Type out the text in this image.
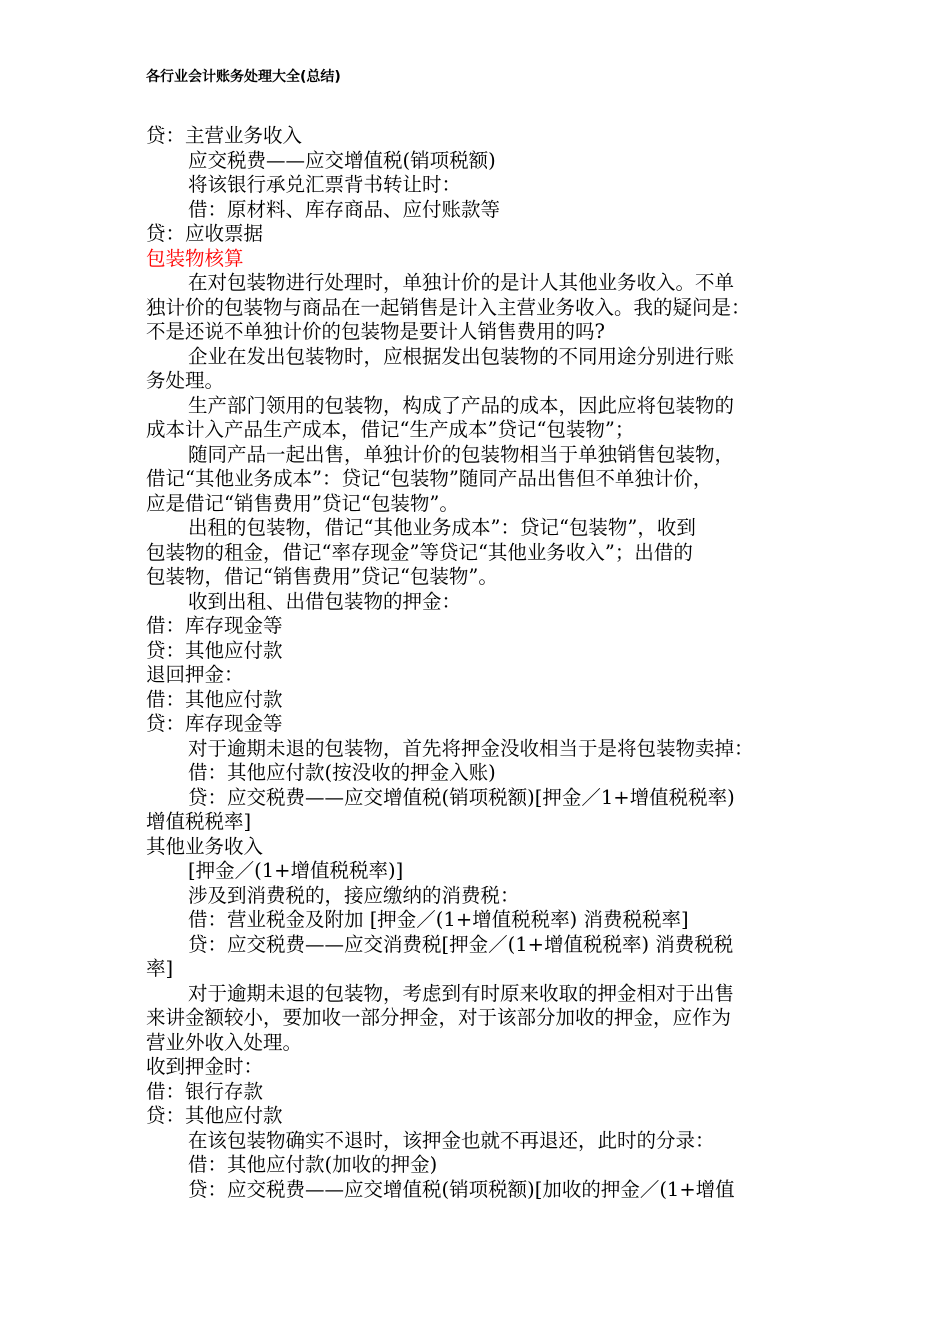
各行业会计账务处理大全(总结)
贷：主营业务收入
应交税费——应交增值税(销项税额)
将该银行承兑汇票背书转让时：
借：原材料、库存商品、应付账款等
贷：应收票据
包装物核算
在对包装物进行处理时，单独计价的是计人其他业务收入。不单
独计价的包装物与商品在一起销售是计入主营业务收入。我的疑问是：
不是还说不单独计价的包装物是要计人销售费用的吗?
企业在发出包装物时，应根据发出包装物的不同用途分别进行账
务处理。
生产部门领用的包装物，构成了产品的成本，因此应将包装物的
成本计入产品生产成本，借记“生产成本”贷记“包装物”；
随同产品一起出售，单独计价的包装物相当于单独销售包装物，
借记“其他业务成本”：贷记“包装物”随同产品出售但不单独计价，
应是借记“销售费用”贷记“包装物”。
出租的包装物，借记“其他业务成本”：贷记“包装物”，收到
包装物的租金，借记“率存现金”等贷记“其他业务收入”；出借的
包装物，借记“销售费用”贷记“包装物”。
收到出租、出借包装物的押金：
借：库存现金等
贷：其他应付款
退回押金：
借：其他应付款
贷：库存现金等
对于逾期未退的包装物，首先将押金没收相当于是将包装物卖掉：
借：其他应付款(按没收的押金入账)
贷：应交税费——应交增值税(销项税额)[押金／1+增值税税率)
增值税税率]
其他业务收入
[押金／(1+增值税税率)]
涉及到消费税的，接应缴纳的消费税：
借：营业税金及附加 [押金／(1+增值税税率) 消费税税率]
贷：应交税费——应交消费税[押金／(1+增值税税率) 消费税税
率]
对于逾期未退的包装物，考虑到有时原来收取的押金相对于出售
来讲金额较小，要加收一部分押金，对于该部分加收的押金，应作为
营业外收入处理。
收到押金时：
借：银行存款
贷：其他应付款
在该包装物确实不退时，该押金也就不再退还，此时的分录：
借：其他应付款(加收的押金)
贷：应交税费——应交增值税(销项税额)[加收的押金／(1+增值
